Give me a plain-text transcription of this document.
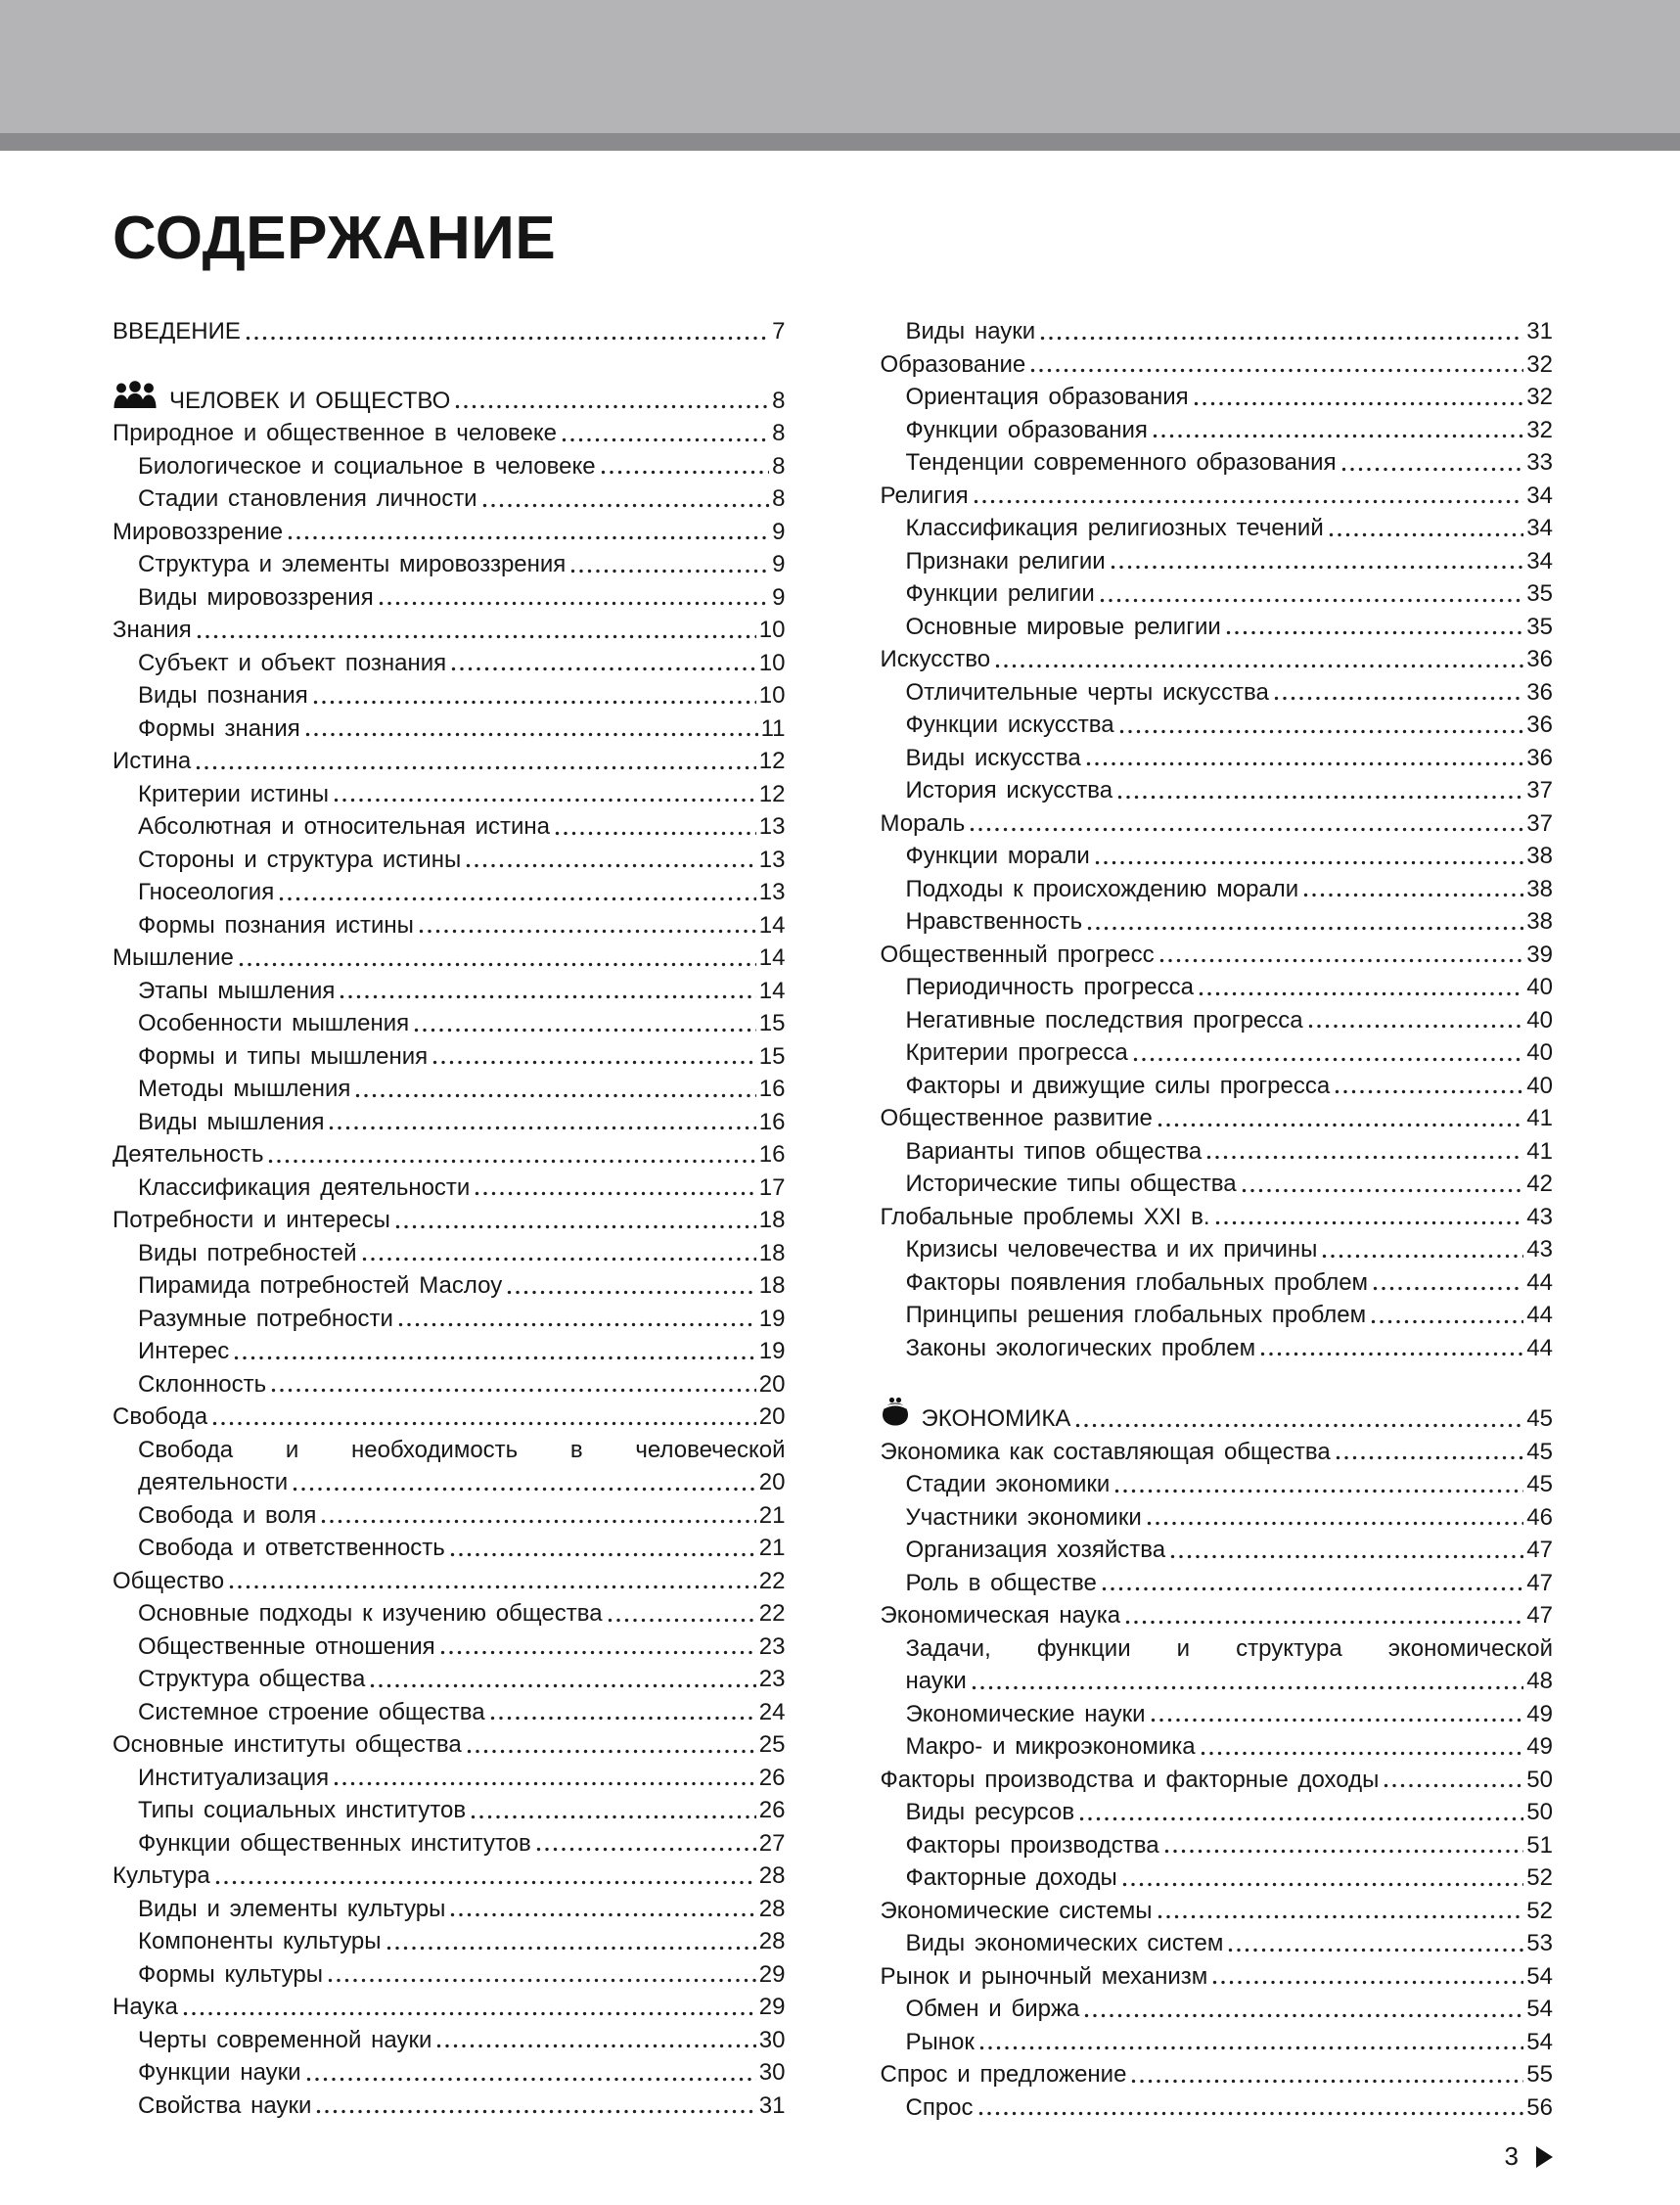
СОДЕРЖАНИЕ
ВВЕДЕНИЕ	7
ЧЕЛОВЕК И ОБЩЕСТВО	8
Природное и общественное в человеке	8
Биологическое и социальное в человеке	8
Стадии становления личности	8
Мировоззрение	9
Структура и элементы мировоззрения	9
Виды мировоззрения	9
Знания	10
Субъект и объект познания	10
Виды познания	10
Формы знания	11
Истина	12
Критерии истины	12
Абсолютная и относительная истина	13
Стороны и структура истины	13
Гносеология	13
Формы познания истины	14
Мышление	14
Этапы мышления	14
Особенности мышления	15
Формы и типы мышления	15
Методы мышления	16
Виды мышления	16
Деятельность	16
Классификация деятельности	17
Потребности и интересы	18
Виды потребностей	18
Пирамида потребностей Маслоу	18
Разумные потребности	19
Интерес	19
Склонность	20
Свобода	20
Свобода и необходимость в человеческой
деятельности	20
Свобода и воля	21
Свобода и ответственность	21
Общество	22
Основные подходы к изучению общества	22
Общественные отношения	23
Структура общества	23
Системное строение общества	24
Основные институты общества	25
Институализация	26
Типы социальных институтов	26
Функции общественных институтов	27
Культура	28
Виды и элементы культуры	28
Компоненты культуры	28
Формы культуры	29
Наука	29
Черты современной науки	30
Функции науки	30
Свойства науки	31
Виды науки	31
Образование	32
Ориентация образования	32
Функции образования	32
Тенденции современного образования	33
Религия	34
Классификация религиозных течений	34
Признаки религии	34
Функции религии	35
Основные мировые религии	35
Искусство	36
Отличительные черты искусства	36
Функции искусства	36
Виды искусства	36
История искусства	37
Мораль	37
Функции морали	38
Подходы к происхождению морали	38
Нравственность	38
Общественный прогресс	39
Периодичность прогресса	40
Негативные последствия прогресса	40
Критерии прогресса	40
Факторы и движущие силы прогресса	40
Общественное развитие	41
Варианты типов общества	41
Исторические типы общества	42
Глобальные проблемы XXI в.	43
Кризисы человечества и их причины	43
Факторы появления глобальных проблем	44
Принципы решения глобальных проблем	44
Законы экологических проблем	44
ЭКОНОМИКА	45
Экономика как составляющая общества	45
Стадии экономики	45
Участники экономики	46
Организация хозяйства	47
Роль в обществе	47
Экономическая наука	47
Задачи, функции и структура экономической
науки	48
Экономические науки	49
Макро- и микроэкономика	49
Факторы производства и факторные доходы	50
Виды ресурсов	50
Факторы производства	51
Факторные доходы	52
Экономические системы	52
Виды экономических систем	53
Рынок и рыночный механизм	54
Обмен и биржа	54
Рынок	54
Спрос и предложение	55
Спрос	56
3
